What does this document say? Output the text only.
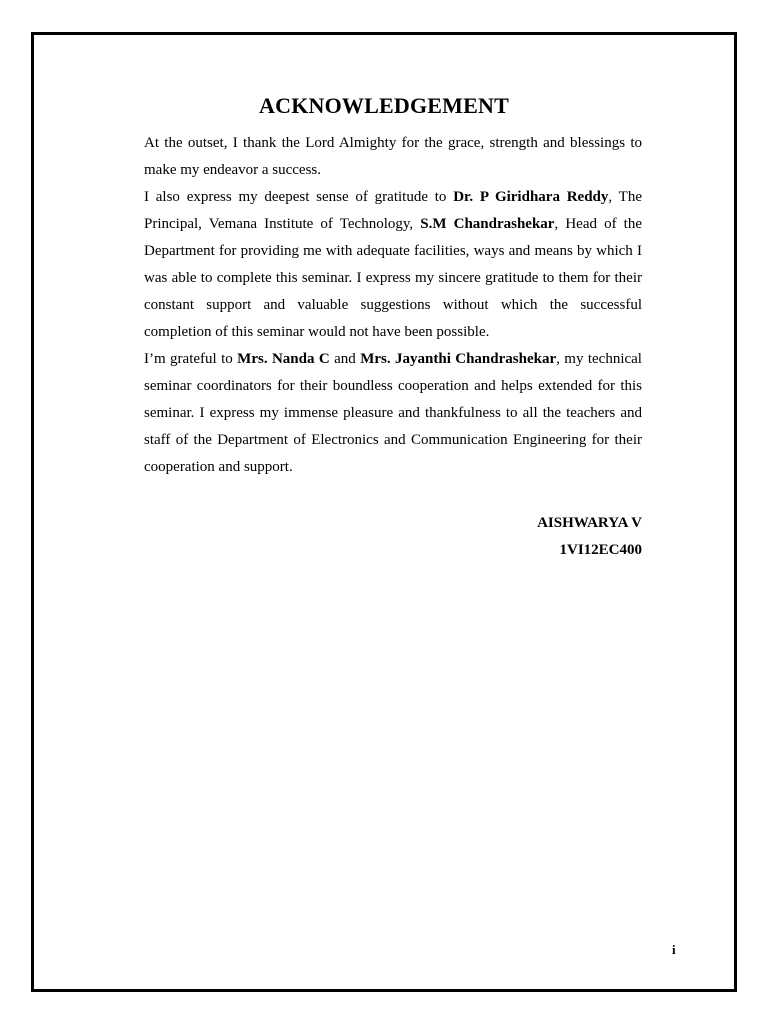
ACKNOWLEDGEMENT

At the outset, I thank the Lord Almighty for the grace, strength and blessings to make my endeavor a success.

I also express my deepest sense of gratitude to Dr. P Giridhara Reddy, The Principal, Vemana Institute of Technology, S.M Chandrashekar, Head of the Department for providing me with adequate facilities, ways and means by which I was able to complete this seminar. I express my sincere gratitude to them for their constant support and valuable suggestions without which the successful completion of this seminar would not have been possible.

I’m grateful to Mrs. Nanda C and Mrs. Jayanthi Chandrashekar, my technical seminar coordinators for their boundless cooperation and helps extended for this seminar. I express my immense pleasure and thankfulness to all the teachers and staff of the Department of Electronics and Communication Engineering for their cooperation and support.

AISHWARYA V
1VI12EC400
i
